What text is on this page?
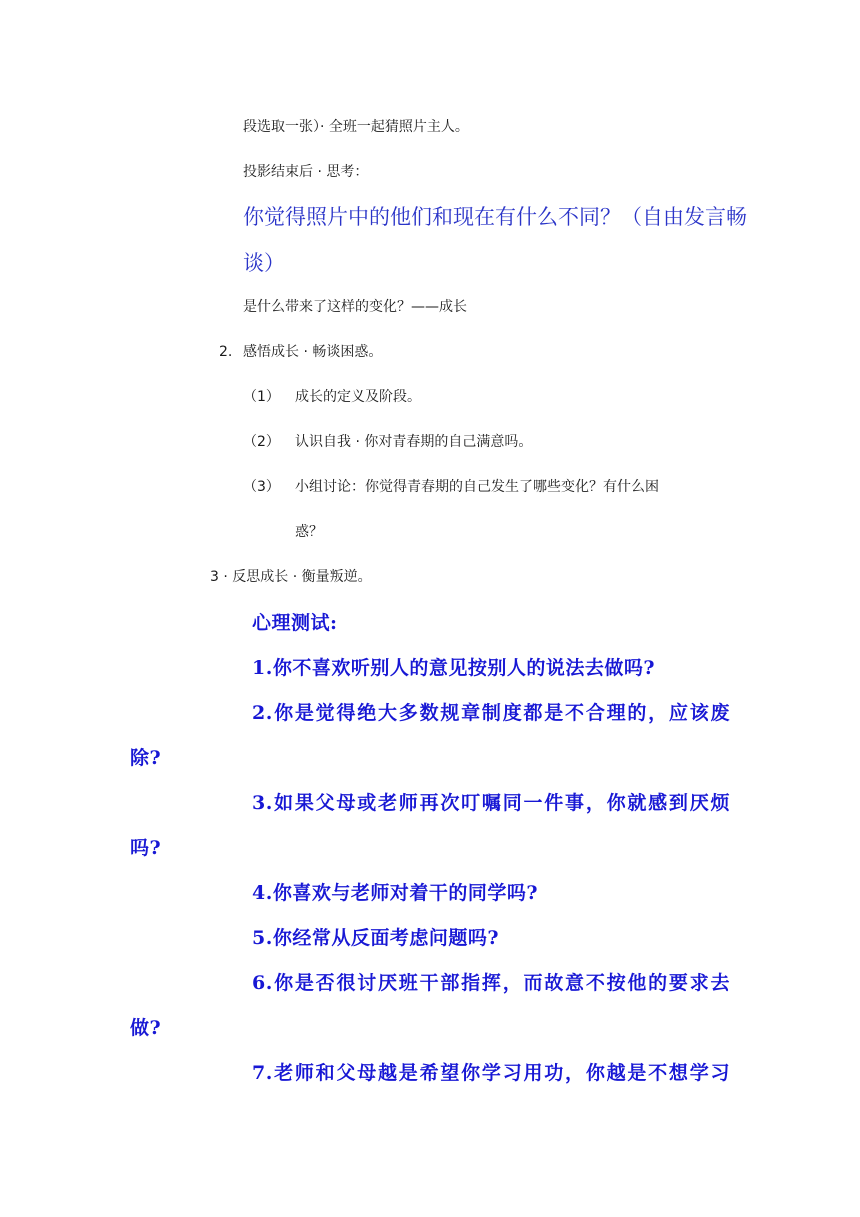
段选取一张）· 全班一起猜照片主人。
投影结束后 · 思考：
你觉得照片中的他们和现在有什么不同？（自由发言畅
谈）
是什么带来了这样的变化？——成长
2. 感悟成长 · 畅谈困惑。
（1） 成长的定义及阶段。
（2） 认识自我 · 你对青春期的自己满意吗。
（3） 小组讨论：你觉得青春期的自己发生了哪些变化？有什么困
惑？
3 · 反思成长 · 衡量叛逆。
心理测试:
1.你不喜欢听别人的意见按别人的说法去做吗?
2.你是觉得绝大多数规章制度都是不合理的，应该废
除?
3.如果父母或老师再次叮嘱同一件事，你就感到厌烦
吗?
4.你喜欢与老师对着干的同学吗?
5.你经常从反面考虑问题吗?
6.你是否很讨厌班干部指挥，而故意不按他的要求去
做?
7.老师和父母越是希望你学习用功，你越是不想学习
